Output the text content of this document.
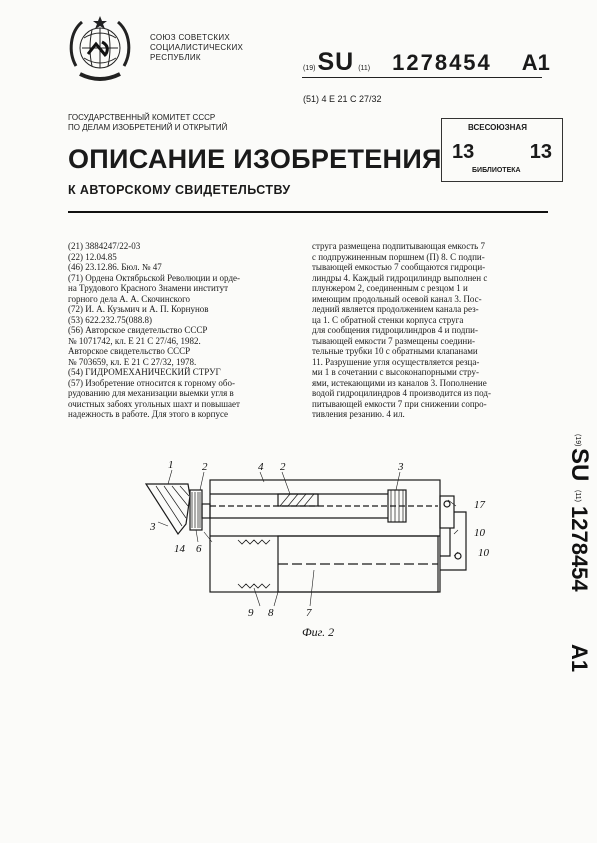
СОЮЗ СОВЕТСКИХ
СОЦИАЛИСТИЧЕСКИХ
РЕСПУБЛИК
(19) SU (11) 1278454 A1
(51) 4 Е 21 С 27/32
ГОСУДАРСТВЕННЫЙ КОМИТЕТ СССР
ПО ДЕЛАМ ИЗОБРЕТЕНИЙ И ОТКРЫТИЙ	ВСЕСОЮЗНАЯ
13	13
БИБЛИОТЕКА
ОПИСАНИЕ ИЗОБРЕТЕНИЯ
К АВТОРСКОМУ СВИДЕТЕЛЬСТВУ

(21) 3884247/22-03

(22) 12.04.85

(46) 23.12.86. Бюл. № 47

(71) Ордена Октябрьской Революции и орде-

на Трудового Красного Знамени институт

горного дела А. А. Скочинского

(72) И. А. Кузьмич и А. П. Корнунов

(53) 622.232.75(088.8)

(56) Авторское свидетельство СССР

№ 1071742, кл. Е 21 С 27/46, 1982.

Авторское свидетельство СССР

№ 703659, кл. Е 21 С 27/32, 1978.

(54) ГИДРОМЕХАНИЧЕСКИЙ СТРУГ

(57) Изобретение относится к горному обо-

рудованию для механизации выемки угля в

очистных забоях угольных шахт и повышает

надежность в работе. Для этого в корпусе

струга размещена подпитывающая емкость 7

с подпружиненным поршнем (П) 8. С подпи-

тывающей емкостью 7 сообщаются гидроци-

линдры 4. Каждый гидроцилиндр выполнен с

плунжером 2, соединенным с резцом 1 и

имеющим продольный осевой канал 3. Пос-

ледний является продолжением канала рез-

ца 1. С обратной стенки корпуса струга

для сообщения гидроцилиндров 4 и подпи-

тывающей емкости 7 размещены соедини-

тельные трубки 10 с обратными клапанами

11. Разрушение угля осуществляется резца-

ми 1 в сочетании с высоконапорными стру-

ями, истекающими из каналов 3. Пополнение

водой гидроцилиндров 4 производится из под-

питывающей емкости 7 при снижении сопро-

тивления резанию. 4 ил.

(19)
SU
(11)
1278454
A1
1	2	4 2	3
17
10
10
3
14 6
9 8	7
Фиг. 2
